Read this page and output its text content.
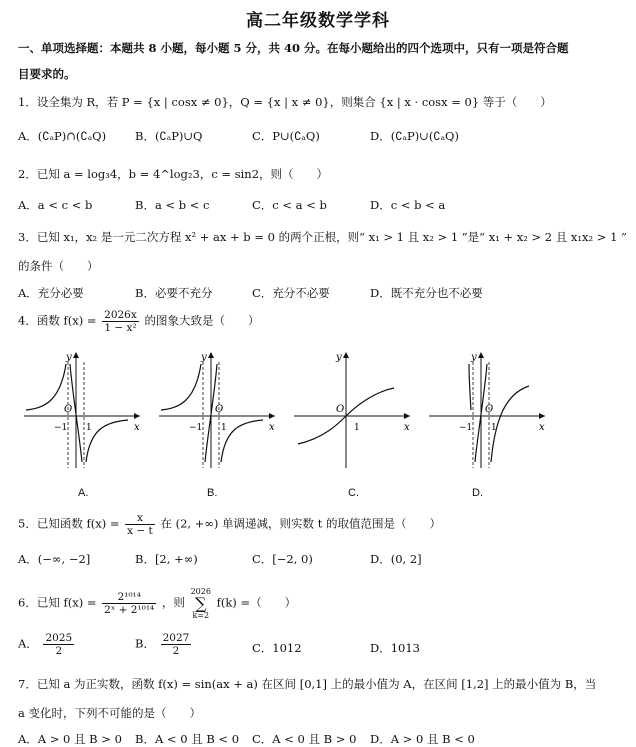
高二年级数学学科
一、单项选择题：本题共 8 小题，每小题 5 分，共 40 分。在每小题给出的四个选项中，只有一项是符合题
目要求的。
1．设全集为 R，若 P = {x | cosx ≠ 0}，Q = {x | x ≠ 0}，则集合 {x | x · cosx = 0} 等于（　　）
A．(∁ₐP)∩(∁ₐQ)	B．(∁ₐP)∪Q	C．P∪(∁ₐQ)	D．(∁ₐP)∪(∁ₐQ)
2．已知 a = log₃4，b = 4^log₂3，c = sin2，则（　　）
A．a < c < b	B．a < b < c	C．c < a < b	D．c < b < a
3．已知 x₁，x₂ 是一元二次方程 x² + ax + b = 0 的两个正根，则“ x₁ > 1 且 x₂ > 1 ”是“ x₁ + x₂ > 2 且 x₁x₂ > 1 ”
的条件（　　）
A．充分必要	B．必要不充分	C．充分不必要	D．既不充分也不必要
4．函数 $f(x) = \frac{2026x}{\text{1 − x²}}$ 的图象大致是（　　）
y
x
O
−1 1
y
x
O
−1 1
y
x
O
1
y
x
O
−1 1
A.	B.	C.	D.
5．已知函数 $f(x) = \frac{x}{x - t}$ 在 (2, +∞) 单调递减，则实数 t 的取值范围是（　　）
A．(−∞, −2]	B．[2, +∞)	C．[−2, 0)	D．(0, 2]
6．已知 $f(x) = \frac{\text{2¹⁰¹⁴}}{\text{2ˣ + 2¹⁰¹⁴}}$ ，则 2026
∑
k=2 f(k) =（　　）
A． $\frac{2025}{2}$	B． $\frac{2027}{2}$	C．1012	D．1013
7．已知 a 为正实数，函数 f(x) = sin(ax + a) 在区间 [0,1] 上的最小值为 A，在区间 [1,2] 上的最小值为 B，当
a 变化时，下列不可能的是（　　）
A．A > 0 且 B > 0 B．A < 0 且 B < 0 C．A < 0 且 B > 0 D．A > 0 且 B < 0
